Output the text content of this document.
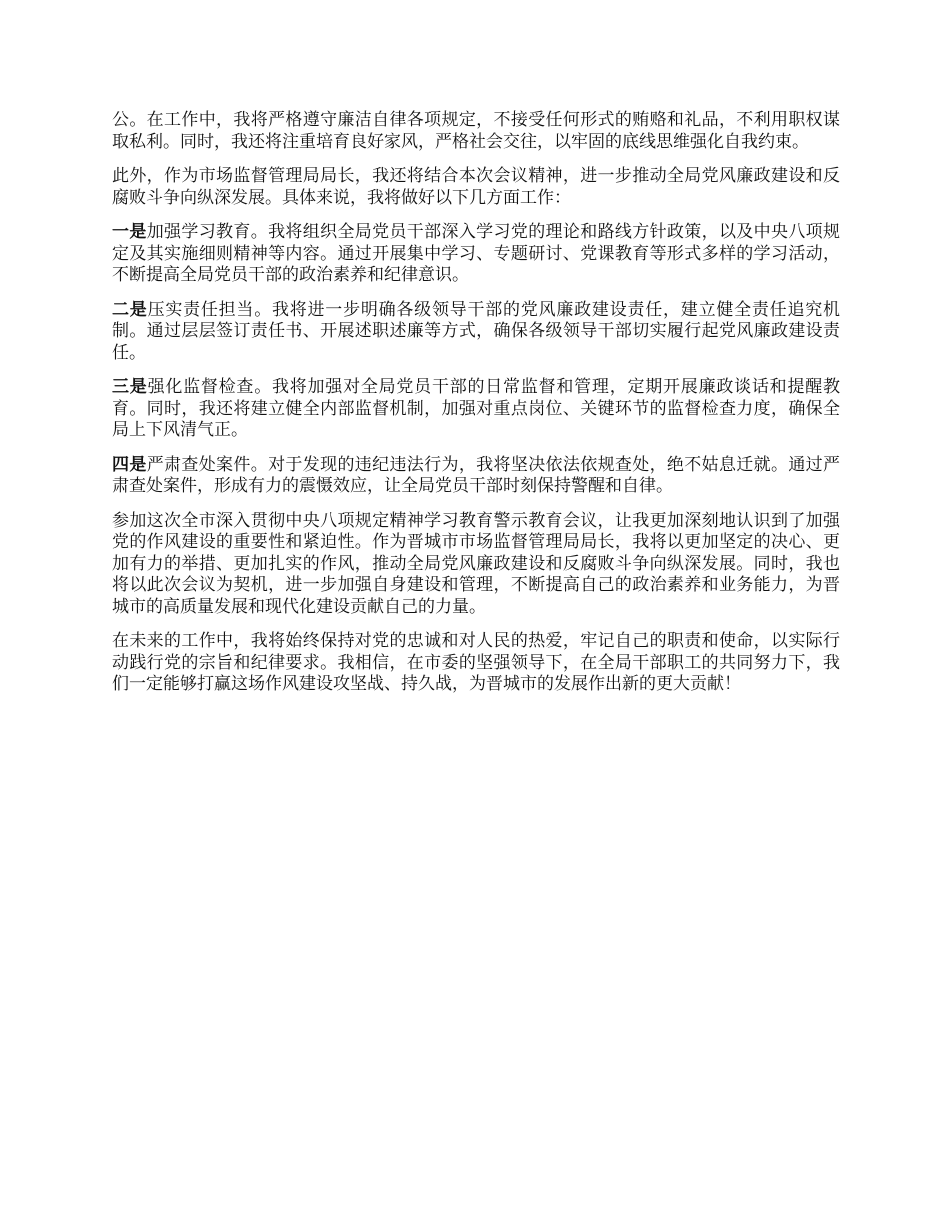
公。在工作中，我将严格遵守廉洁自律各项规定，不接受任何形式的贿赂和礼品，不利用职权谋取私利。同时，我还将注重培育良好家风，严格社会交往，以牢固的底线思维强化自我约束。

此外，作为市场监督管理局局长，我还将结合本次会议精神，进一步推动全局党风廉政建设和反腐败斗争向纵深发展。具体来说，我将做好以下几方面工作：

一是加强学习教育。我将组织全局党员干部深入学习党的理论和路线方针政策，以及中央八项规定及其实施细则精神等内容。通过开展集中学习、专题研讨、党课教育等形式多样的学习活动，不断提高全局党员干部的政治素养和纪律意识。

二是压实责任担当。我将进一步明确各级领导干部的党风廉政建设责任，建立健全责任追究机制。通过层层签订责任书、开展述职述廉等方式，确保各级领导干部切实履行起党风廉政建设责任。

三是强化监督检查。我将加强对全局党员干部的日常监督和管理，定期开展廉政谈话和提醒教育。同时，我还将建立健全内部监督机制，加强对重点岗位、关键环节的监督检查力度，确保全局上下风清气正。

四是严肃查处案件。对于发现的违纪违法行为，我将坚决依法依规查处，绝不姑息迁就。通过严肃查处案件，形成有力的震慑效应，让全局党员干部时刻保持警醒和自律。

参加这次全市深入贯彻中央八项规定精神学习教育警示教育会议，让我更加深刻地认识到了加强党的作风建设的重要性和紧迫性。作为晋城市市场监督管理局局长，我将以更加坚定的决心、更加有力的举措、更加扎实的作风，推动全局党风廉政建设和反腐败斗争向纵深发展。同时，我也将以此次会议为契机，进一步加强自身建设和管理，不断提高自己的政治素养和业务能力，为晋城市的高质量发展和现代化建设贡献自己的力量。

在未来的工作中，我将始终保持对党的忠诚和对人民的热爱，牢记自己的职责和使命，以实际行动践行党的宗旨和纪律要求。我相信，在市委的坚强领导下，在全局干部职工的共同努力下，我们一定能够打赢这场作风建设攻坚战、持久战，为晋城市的发展作出新的更大贡献！
